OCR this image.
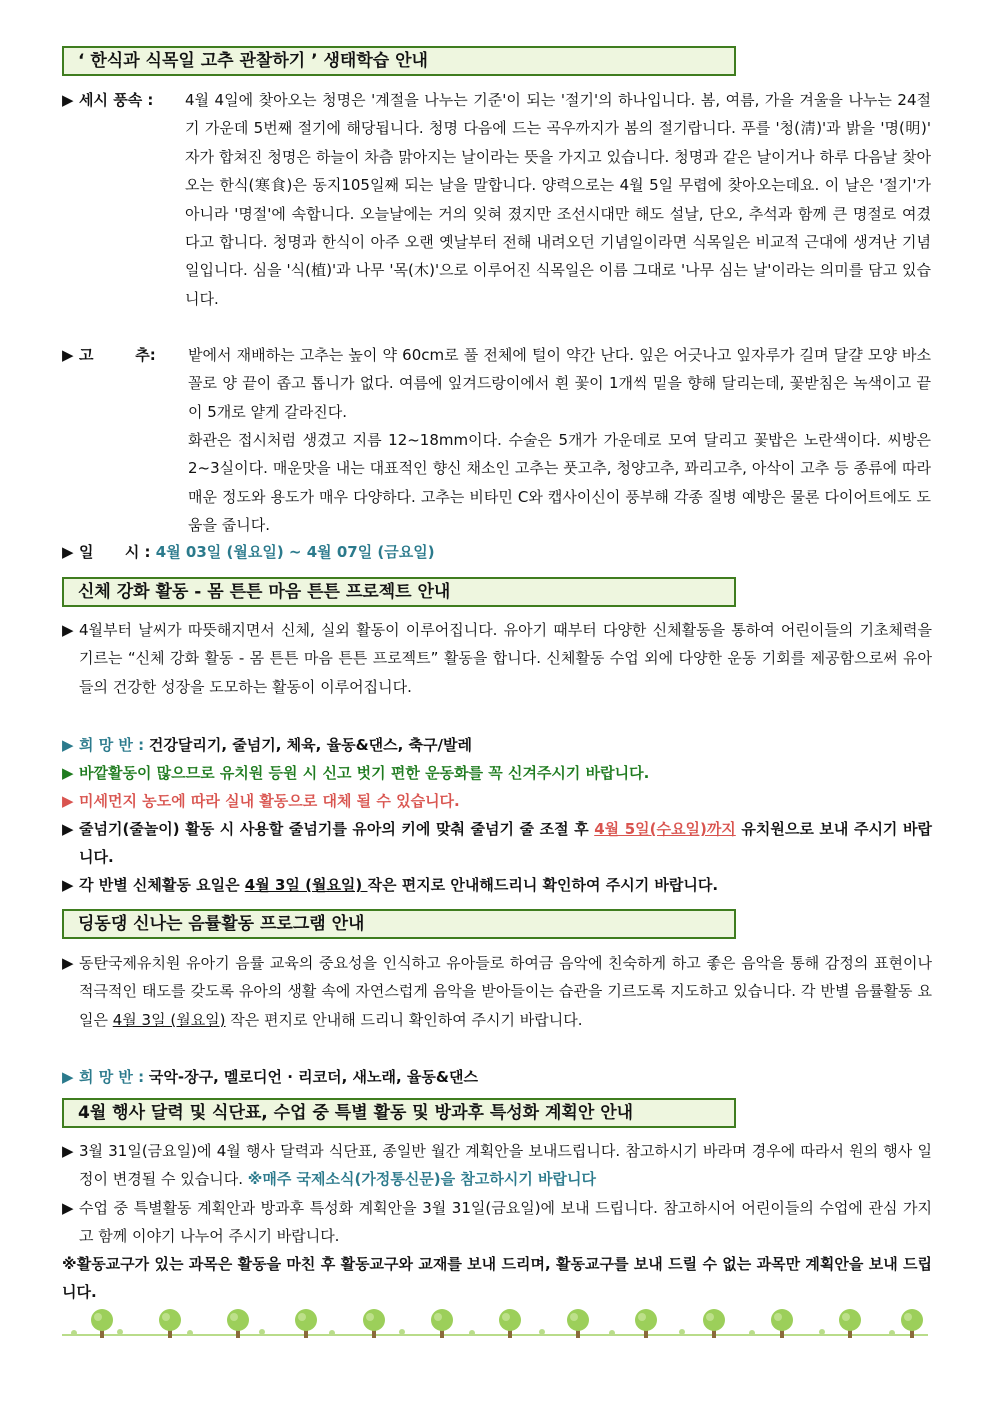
‘ 한식과 식목일 고추 관찰하기 ’ 생태학습 안내
▶ 세시 풍속 :	4월 4일에 찾아오는 청명은 '계절을 나누는 기준'이 되는 '절기'의 하나입니다. 봄, 여름, 가을 겨울을 나누는 24절기 가운데 5번째 절기에 해당됩니다. 청명 다음에 드는 곡우까지가 봄의 절기랍니다. 푸를 '청(淸)'과 밝을 '명(明)' 자가 합쳐진 청명은 하늘이 차츰 맑아지는 날이라는 뜻을 가지고 있습니다. 청명과 같은 날이거나 하루 다음날 찾아오는 한식(寒食)은 동지105일째 되는 날을 말합니다. 양력으로는 4월 5일 무렵에 찾아오는데요. 이 날은 '절기'가 아니라 '명절'에 속합니다. 오늘날에는 거의 잊혀 졌지만 조선시대만 해도 설날, 단오, 추석과 함께 큰 명절로 여겼다고 합니다. 청명과 한식이 아주 오랜 옛날부터 전해 내려오던 기념일이라면 식목일은 비교적 근대에 생겨난 기념일입니다. 심을 '식(植)'과 나무 '목(木)'으로 이루어진 식목일은 이름 그대로 '나무 심는 날'이라는 의미를 담고 있습니다.
▶ 고        추:	밭에서 재배하는 고추는 높이 약 60cm로 풀 전체에 털이 약간 난다. 잎은 어긋나고 잎자루가 길며 달걀 모양 바소꼴로 양 끝이 좁고 톱니가 없다. 여름에 잎겨드랑이에서 흰 꽃이 1개씩 밑을 향해 달리는데, 꽃받침은 녹색이고 끝이 5개로 얕게 갈라진다.
화관은 접시처럼 생겼고 지름 12~18mm이다. 수술은 5개가 가운데로 모여 달리고 꽃밥은 노란색이다. 씨방은 2~3실이다. 매운맛을 내는 대표적인 향신 채소인 고추는 풋고추, 청양고추, 꽈리고추, 아삭이 고추 등 종류에 따라 매운 정도와 용도가 매우 다양하다. 고추는 비타민 C와 캡사이신이 풍부해 각종 질병 예방은 물론 다이어트에도 도움을 줍니다.
▶ 일      시 : 4월 03일 (월요일) ~ 4월 07일 (금요일)
신체 강화 활동 - 몸 튼튼 마음 튼튼 프로젝트 안내
▶ 4월부터 날씨가 따뜻해지면서 신체, 실외 활동이 이루어집니다. 유아기 때부터 다양한 신체활동을 통하여 어린이들의 기초체력을 기르는 “신체 강화 활동 - 몸 튼튼 마음 튼튼 프로젝트” 활동을 합니다. 신체활동 수업 외에 다양한 운동 기회를 제공함으로써 유아들의 건강한 성장을 도모하는 활동이 이루어집니다.
▶ 희 망 반 : 건강달리기, 줄넘기, 체육, 율동&댄스, 축구/발레
▶ 바깥활동이 많으므로 유치원 등원 시 신고 벗기 편한 운동화를 꼭 신겨주시기 바랍니다.
▶ 미세먼지 농도에 따라 실내 활동으로 대체 될 수 있습니다.
▶ 줄넘기(줄놀이) 활동 시 사용할 줄넘기를 유아의 키에 맞춰 줄넘기 줄 조절 후 4월 5일(수요일)까지 유치원으로 보내 주시기 바랍니다.
▶ 각 반별 신체활동 요일은 4월 3일 (월요일) 작은 편지로 안내해드리니 확인하여 주시기 바랍니다.
딩동댕 신나는 음률활동 프로그램 안내
▶ 동탄국제유치원 유아기 음률 교육의 중요성을 인식하고 유아들로 하여금 음악에 친숙하게 하고 좋은 음악을 통해 감정의 표현이나 적극적인 태도를 갖도록 유아의 생활 속에 자연스럽게 음악을 받아들이는 습관을 기르도록 지도하고 있습니다. 각 반별 음률활동 요일은 4월 3일 (월요일) 작은 편지로 안내해 드리니 확인하여 주시기 바랍니다.
▶ 희 망 반 : 국악-장구, 멜로디언 · 리코더, 새노래, 율동&댄스
4월 행사 달력 및 식단표, 수업 중 특별 활동 및 방과후 특성화 계획안 안내
▶ 3월 31일(금요일)에 4월 행사 달력과 식단표, 종일반 월간 계획안을 보내드립니다. 참고하시기 바라며 경우에 따라서 원의 행사 일정이 변경될 수 있습니다. ※매주 국제소식(가정통신문)을 참고하시기 바랍니다
▶ 수업 중 특별활동 계획안과 방과후 특성화 계획안을 3월 31일(금요일)에 보내 드립니다. 참고하시어 어린이들의 수업에 관심 가지고 함께 이야기 나누어 주시기 바랍니다.
※활동교구가 있는 과목은 활동을 마친 후 활동교구와 교재를 보내 드리며, 활동교구를 보내 드릴 수 없는 과목만 계획안을 보내 드립니다.
